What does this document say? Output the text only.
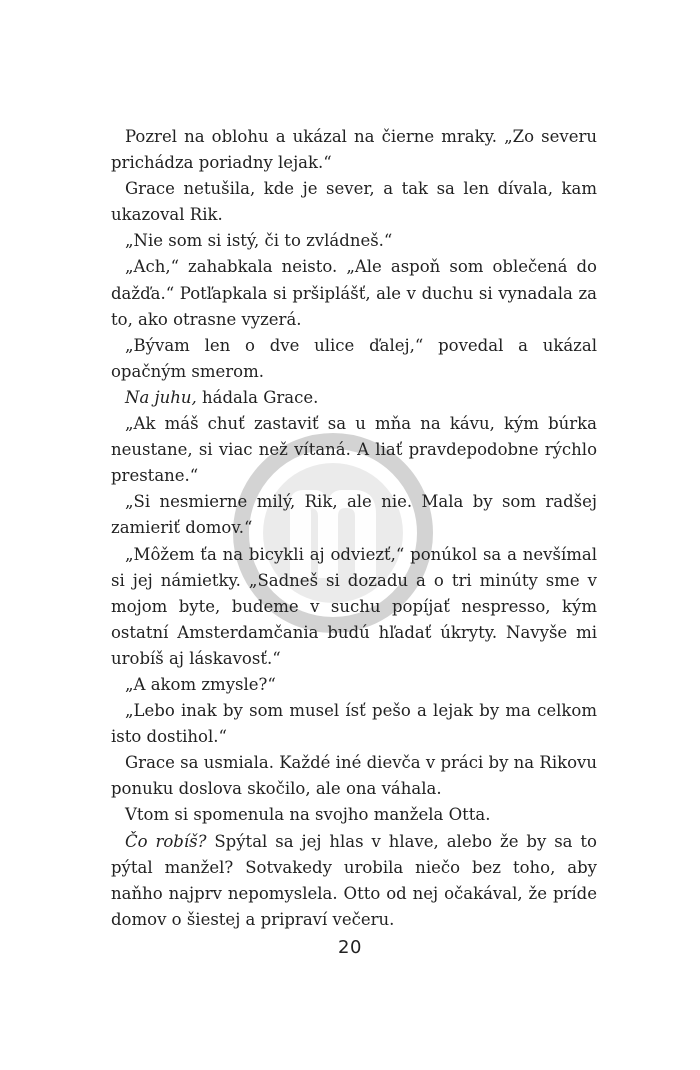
Pozrel na oblohu a ukázal na čierne mraky. „Zo severu prichádza poriadny lejak.“

Grace netušila, kde je sever, a tak sa len dívala, kam ukazoval Rik.

„Nie som si istý, či to zvládneš.“

„Ach,“ zahabkala neisto. „Ale aspoň som oblečená do dažďa.“ Potľapkala si pršiplášť, ale v duchu si vynadala za to, ako otrasne vyzerá.

„Bývam len o dve ulice ďalej,“ povedal a ukázal opačným smerom.

Na juhu, hádala Grace.

„Ak máš chuť zastaviť sa u mňa na kávu, kým búrka neustane, si viac než vítaná. A liať pravdepodobne rýchlo prestane.“

„Si nesmierne milý, Rik, ale nie. Mala by som radšej zamieriť domov.“

„Môžem ťa na bicykli aj odviezť,“ ponúkol sa a nevšímal si jej námietky. „Sadneš si dozadu a o tri minúty sme v mojom byte, budeme v suchu popíjať nespresso, kým ostatní Amsterdamčania budú hľadať úkryty. Navyše mi urobíš aj láskavosť.“

„A akom zmysle?“

„Lebo inak by som musel ísť pešo a lejak by ma celkom isto dostihol.“

Grace sa usmiala. Každé iné dievča v práci by na Rikovu ponuku doslova skočilo, ale ona váhala.

Vtom si spomenula na svojho manžela Otta.

Čo robíš? Spýtal sa jej hlas v hlave, alebo že by sa to pýtal manžel? Sotvakedy urobila niečo bez toho, aby naňho najprv nepomyslela. Otto od nej očakával, že príde domov o šiestej a pripraví večeru.

20
